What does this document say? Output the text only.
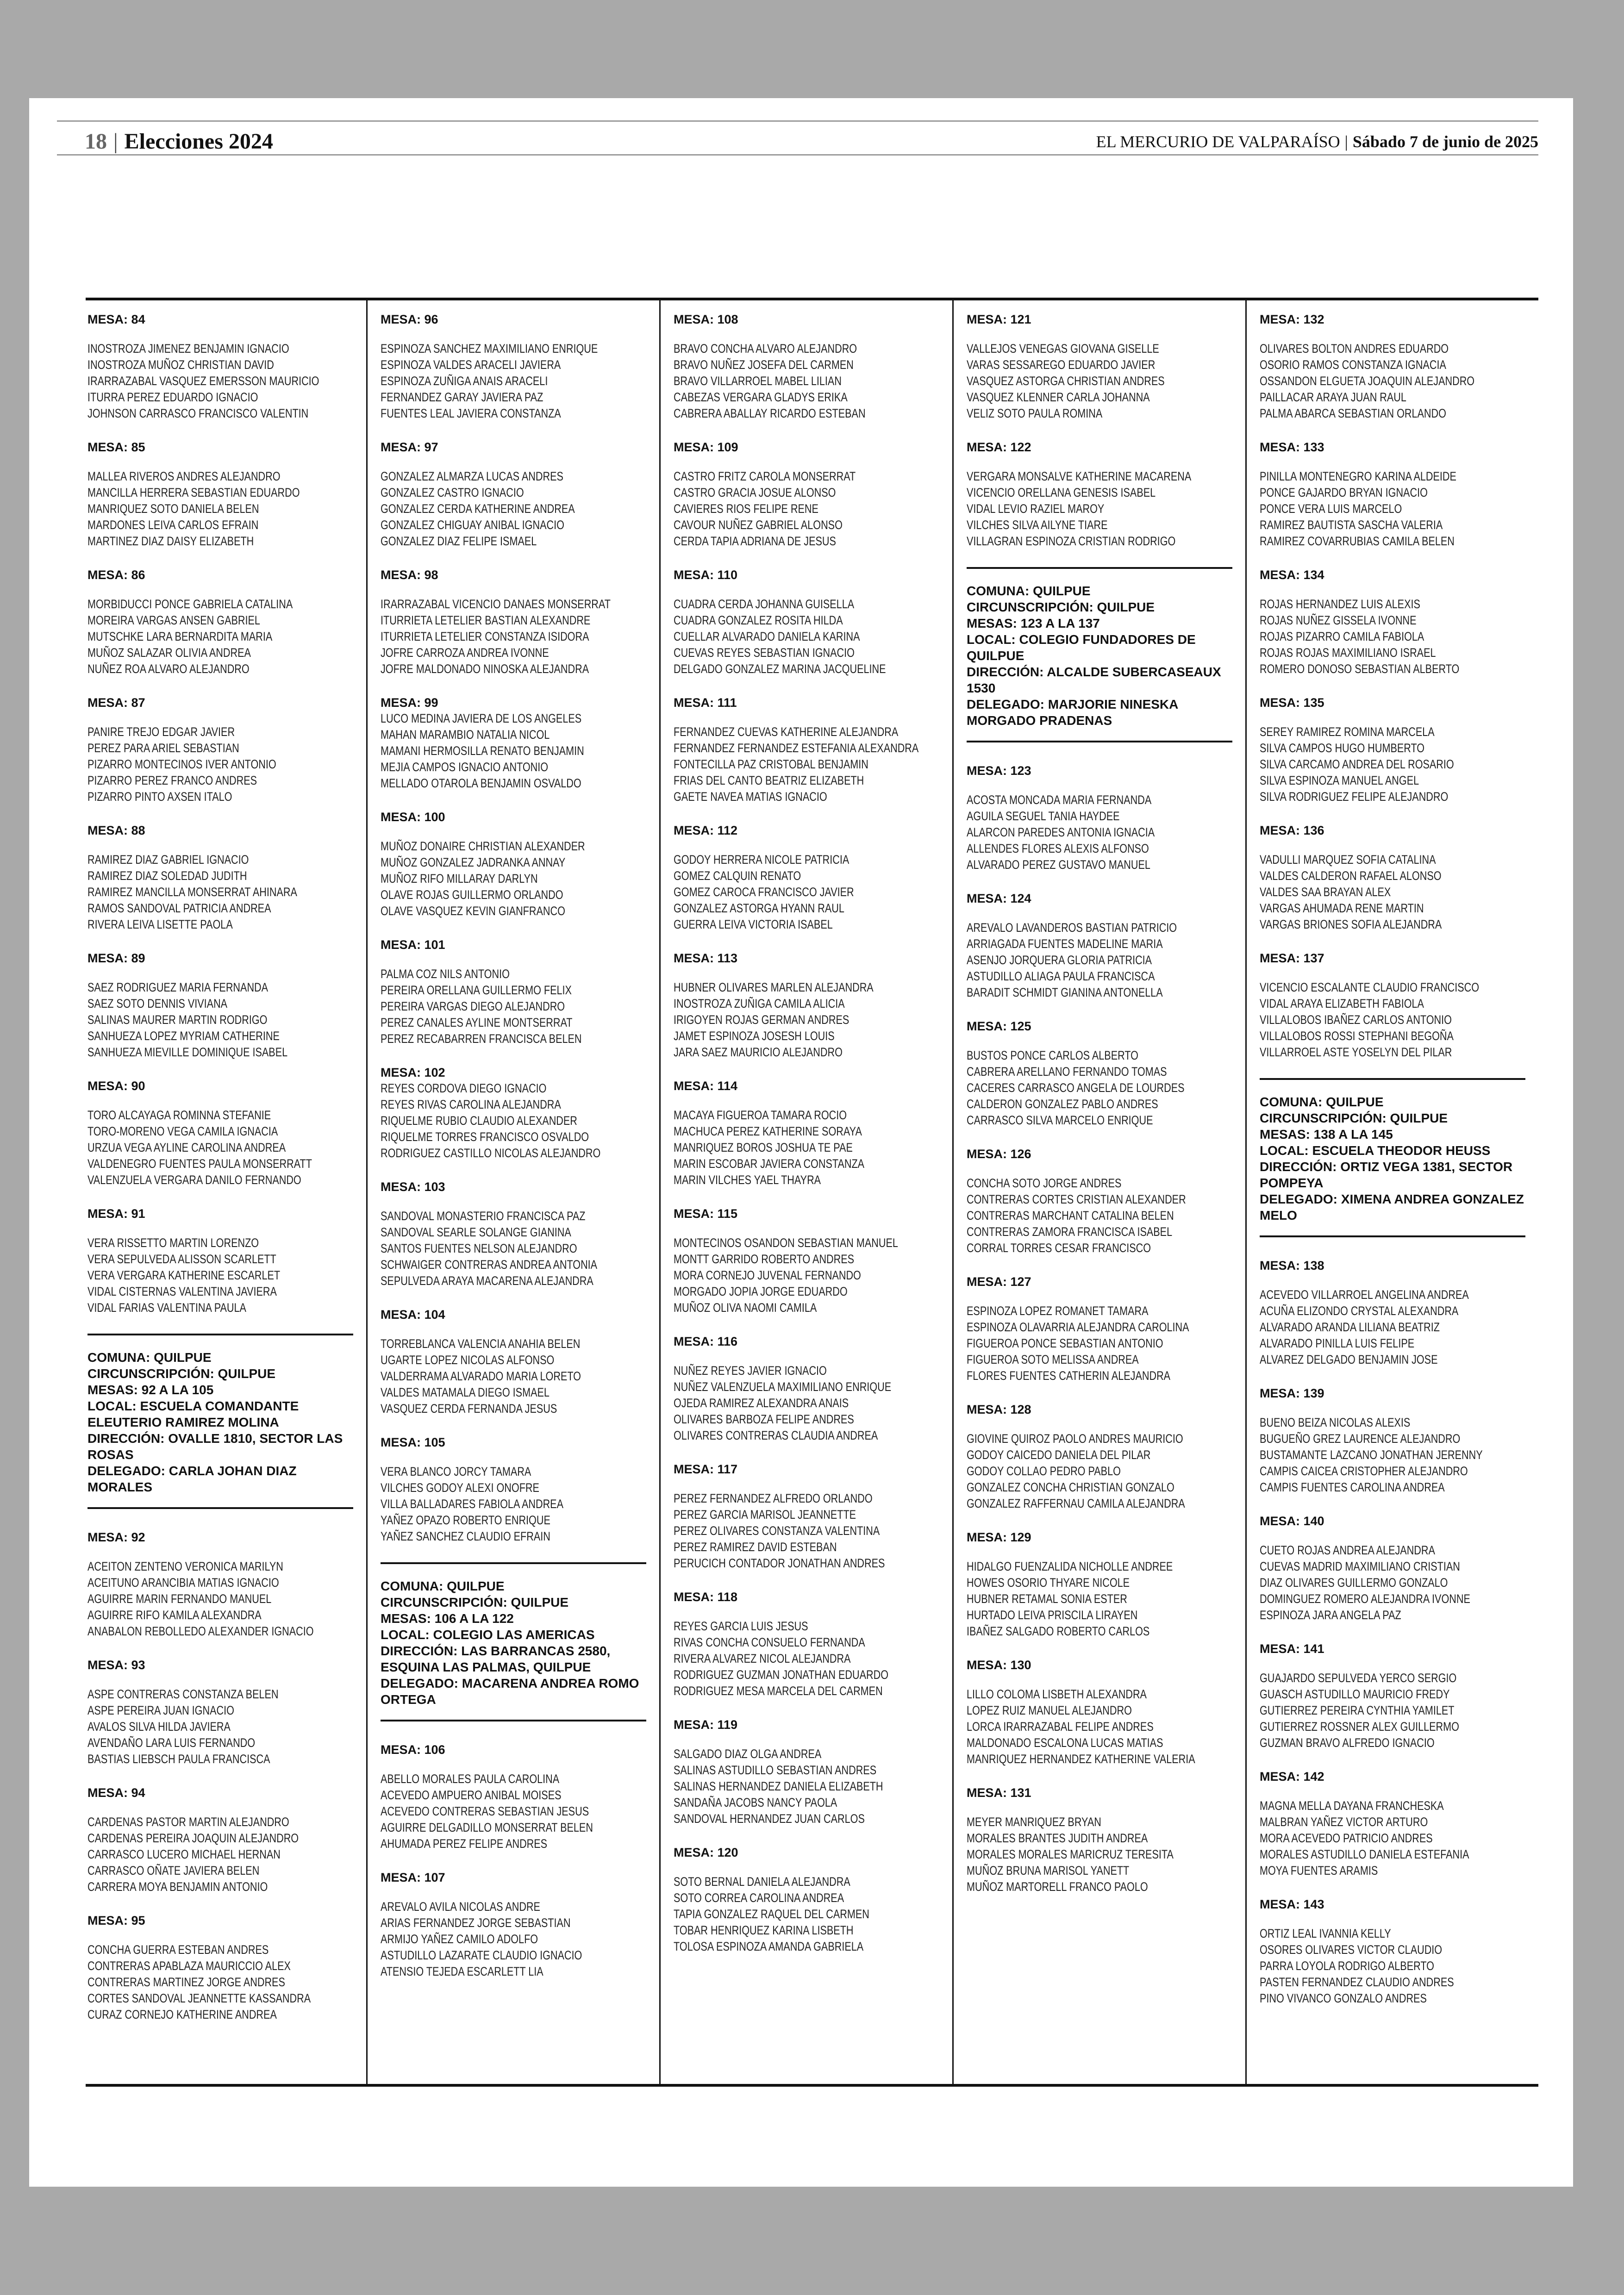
18 | Elecciones 2024	EL MERCURIO DE VALPARAÍSO | Sábado 7 de junio de 2025
MESA: 84
INOSTROZA JIMENEZ BENJAMIN IGNACIO
INOSTROZA MUÑOZ CHRISTIAN DAVID
IRARRAZABAL VASQUEZ EMERSSON MAURICIO
ITURRA PEREZ EDUARDO IGNACIO
JOHNSON CARRASCO FRANCISCO VALENTIN
MESA: 85
MALLEA RIVEROS ANDRES ALEJANDRO
MANCILLA HERRERA SEBASTIAN EDUARDO
MANRIQUEZ SOTO DANIELA BELEN
MARDONES LEIVA CARLOS EFRAIN
MARTINEZ DIAZ DAISY ELIZABETH
MESA: 86
MORBIDUCCI PONCE GABRIELA CATALINA
MOREIRA VARGAS ANSEN GABRIEL
MUTSCHKE LARA BERNARDITA MARIA
MUÑOZ SALAZAR OLIVIA ANDREA
NUÑEZ ROA ALVARO ALEJANDRO
MESA: 87
PANIRE TREJO EDGAR JAVIER
PEREZ PARA ARIEL SEBASTIAN
PIZARRO MONTECINOS IVER ANTONIO
PIZARRO PEREZ FRANCO ANDRES
PIZARRO PINTO AXSEN ITALO
MESA: 88
RAMIREZ DIAZ GABRIEL IGNACIO
RAMIREZ DIAZ SOLEDAD JUDITH
RAMIREZ MANCILLA MONSERRAT AHINARA
RAMOS SANDOVAL PATRICIA ANDREA
RIVERA LEIVA LISETTE PAOLA
MESA: 89
SAEZ RODRIGUEZ MARIA FERNANDA
SAEZ SOTO DENNIS VIVIANA
SALINAS MAURER MARTIN RODRIGO
SANHUEZA LOPEZ MYRIAM CATHERINE
SANHUEZA MIEVILLE DOMINIQUE ISABEL
MESA: 90
TORO ALCAYAGA ROMINNA STEFANIE
TORO-MORENO VEGA CAMILA IGNACIA
URZUA VEGA AYLINE CAROLINA ANDREA
VALDENEGRO FUENTES PAULA MONSERRATT
VALENZUELA VERGARA DANILO FERNANDO
MESA: 91
VERA RISSETTO MARTIN LORENZO
VERA SEPULVEDA ALISSON SCARLETT
VERA VERGARA KATHERINE ESCARLET
VIDAL CISTERNAS VALENTINA JAVIERA
VIDAL FARIAS VALENTINA PAULA
COMUNA: QUILPUE
CIRCUNSCRIPCIÓN: QUILPUE
MESAS: 92 A LA 105
LOCAL: ESCUELA COMANDANTE ELEUTERIO RAMIREZ MOLINA
DIRECCIÓN: OVALLE 1810, SECTOR LAS ROSAS
DELEGADO: CARLA JOHAN DIAZ MORALES
MESA: 92
ACEITON ZENTENO VERONICA MARILYN
ACEITUNO ARANCIBIA MATIAS IGNACIO
AGUIRRE MARIN FERNANDO MANUEL
AGUIRRE RIFO KAMILA ALEXANDRA
ANABALON REBOLLEDO ALEXANDER IGNACIO
MESA: 93
ASPE CONTRERAS CONSTANZA BELEN
ASPE PEREIRA JUAN IGNACIO
AVALOS SILVA HILDA JAVIERA
AVENDAÑO LARA LUIS FERNANDO
BASTIAS LIEBSCH PAULA FRANCISCA
MESA: 94
CARDENAS PASTOR MARTIN ALEJANDRO
CARDENAS PEREIRA JOAQUIN ALEJANDRO
CARRASCO LUCERO MICHAEL HERNAN
CARRASCO OÑATE JAVIERA BELEN
CARRERA MOYA BENJAMIN ANTONIO
MESA: 95
CONCHA GUERRA ESTEBAN ANDRES
CONTRERAS APABLAZA MAURICCIO ALEX
CONTRERAS MARTINEZ JORGE ANDRES
CORTES SANDOVAL JEANNETTE KASSANDRA
CURAZ CORNEJO KATHERINE ANDREA
MESA: 96
ESPINOZA SANCHEZ MAXIMILIANO ENRIQUE
ESPINOZA VALDES ARACELI JAVIERA
ESPINOZA ZUÑIGA ANAIS ARACELI
FERNANDEZ GARAY JAVIERA PAZ
FUENTES LEAL JAVIERA CONSTANZA
MESA: 97
GONZALEZ ALMARZA LUCAS ANDRES
GONZALEZ CASTRO IGNACIO
GONZALEZ CERDA KATHERINE ANDREA
GONZALEZ CHIGUAY ANIBAL IGNACIO
GONZALEZ DIAZ FELIPE ISMAEL
MESA: 98
IRARRAZABAL VICENCIO DANAES MONSERRAT
ITURRIETA LETELIER BASTIAN ALEXANDRE
ITURRIETA LETELIER CONSTANZA ISIDORA
JOFRE CARROZA ANDREA IVONNE
JOFRE MALDONADO NINOSKA ALEJANDRA
MESA: 99
LUCO MEDINA JAVIERA DE LOS ANGELES
MAHAN MARAMBIO NATALIA NICOL
MAMANI HERMOSILLA RENATO BENJAMIN
MEJIA CAMPOS IGNACIO ANTONIO
MELLADO OTAROLA BENJAMIN OSVALDO
MESA: 100
MUÑOZ DONAIRE CHRISTIAN ALEXANDER
MUÑOZ GONZALEZ JADRANKA ANNAY
MUÑOZ RIFO MILLARAY DARLYN
OLAVE ROJAS GUILLERMO ORLANDO
OLAVE VASQUEZ KEVIN GIANFRANCO
MESA: 101
PALMA COZ NILS ANTONIO
PEREIRA ORELLANA GUILLERMO FELIX
PEREIRA VARGAS DIEGO ALEJANDRO
PEREZ CANALES AYLINE MONTSERRAT
PEREZ RECABARREN FRANCISCA BELEN
MESA: 102
REYES CORDOVA DIEGO IGNACIO
REYES RIVAS CAROLINA ALEJANDRA
RIQUELME RUBIO CLAUDIO ALEXANDER
RIQUELME TORRES FRANCISCO OSVALDO
RODRIGUEZ CASTILLO NICOLAS ALEJANDRO
MESA: 103
SANDOVAL MONASTERIO FRANCISCA PAZ
SANDOVAL SEARLE SOLANGE GIANINA
SANTOS FUENTES NELSON ALEJANDRO
SCHWAIGER CONTRERAS ANDREA ANTONIA
SEPULVEDA ARAYA MACARENA ALEJANDRA
MESA: 104
TORREBLANCA VALENCIA ANAHIA BELEN
UGARTE LOPEZ NICOLAS ALFONSO
VALDERRAMA ALVARADO MARIA LORETO
VALDES MATAMALA DIEGO ISMAEL
VASQUEZ CERDA FERNANDA JESUS
MESA: 105
VERA BLANCO JORCY TAMARA
VILCHES GODOY ALEXI ONOFRE
VILLA BALLADARES FABIOLA ANDREA
YAÑEZ OPAZO ROBERTO ENRIQUE
YAÑEZ SANCHEZ CLAUDIO EFRAIN
COMUNA: QUILPUE
CIRCUNSCRIPCIÓN: QUILPUE
MESAS: 106 A LA 122
LOCAL: COLEGIO LAS AMERICAS
DIRECCIÓN: LAS BARRANCAS 2580, ESQUINA LAS PALMAS, QUILPUE
DELEGADO: MACARENA ANDREA ROMO ORTEGA
MESA: 106
ABELLO MORALES PAULA CAROLINA
ACEVEDO AMPUERO ANIBAL MOISES
ACEVEDO CONTRERAS SEBASTIAN JESUS
AGUIRRE DELGADILLO MONSERRAT BELEN
AHUMADA PEREZ FELIPE ANDRES
MESA: 107
AREVALO AVILA NICOLAS ANDRE
ARIAS FERNANDEZ JORGE SEBASTIAN
ARMIJO YAÑEZ CAMILO ADOLFO
ASTUDILLO LAZARATE CLAUDIO IGNACIO
ATENSIO TEJEDA ESCARLETT LIA
MESA: 108
BRAVO CONCHA ALVARO ALEJANDRO
BRAVO NUÑEZ JOSEFA DEL CARMEN
BRAVO VILLARROEL MABEL LILIAN
CABEZAS VERGARA GLADYS ERIKA
CABRERA ABALLAY RICARDO ESTEBAN
MESA: 109
CASTRO FRITZ CAROLA MONSERRAT
CASTRO GRACIA JOSUE ALONSO
CAVIERES RIOS FELIPE RENE
CAVOUR NUÑEZ GABRIEL ALONSO
CERDA TAPIA ADRIANA DE JESUS
MESA: 110
CUADRA CERDA JOHANNA GUISELLA
CUADRA GONZALEZ ROSITA HILDA
CUELLAR ALVARADO DANIELA KARINA
CUEVAS REYES SEBASTIAN IGNACIO
DELGADO GONZALEZ MARINA JACQUELINE
MESA: 111
FERNANDEZ CUEVAS KATHERINE ALEJANDRA
FERNANDEZ FERNANDEZ ESTEFANIA ALEXANDRA
FONTECILLA PAZ CRISTOBAL BENJAMIN
FRIAS DEL CANTO BEATRIZ ELIZABETH
GAETE NAVEA MATIAS IGNACIO
MESA: 112
GODOY HERRERA NICOLE PATRICIA
GOMEZ CALQUIN RENATO
GOMEZ CAROCA FRANCISCO JAVIER
GONZALEZ ASTORGA HYANN RAUL
GUERRA LEIVA VICTORIA ISABEL
MESA: 113
HUBNER OLIVARES MARLEN ALEJANDRA
INOSTROZA ZUÑIGA CAMILA ALICIA
IRIGOYEN ROJAS GERMAN ANDRES
JAMET ESPINOZA JOSESH LOUIS
JARA SAEZ MAURICIO ALEJANDRO
MESA: 114
MACAYA FIGUEROA TAMARA ROCIO
MACHUCA PEREZ KATHERINE SORAYA
MANRIQUEZ BOROS JOSHUA TE PAE
MARIN ESCOBAR JAVIERA CONSTANZA
MARIN VILCHES YAEL THAYRA
MESA: 115
MONTECINOS OSANDON SEBASTIAN MANUEL
MONTT GARRIDO ROBERTO ANDRES
MORA CORNEJO JUVENAL FERNANDO
MORGADO JOPIA JORGE EDUARDO
MUÑOZ OLIVA NAOMI CAMILA
MESA: 116
NUÑEZ REYES JAVIER IGNACIO
NUÑEZ VALENZUELA MAXIMILIANO ENRIQUE
OJEDA RAMIREZ ALEXANDRA ANAIS
OLIVARES BARBOZA FELIPE ANDRES
OLIVARES CONTRERAS CLAUDIA ANDREA
MESA: 117
PEREZ FERNANDEZ ALFREDO ORLANDO
PEREZ GARCIA MARISOL JEANNETTE
PEREZ OLIVARES CONSTANZA VALENTINA
PEREZ RAMIREZ DAVID ESTEBAN
PERUCICH CONTADOR JONATHAN ANDRES
MESA: 118
REYES GARCIA LUIS JESUS
RIVAS CONCHA CONSUELO FERNANDA
RIVERA ALVAREZ NICOL ALEJANDRA
RODRIGUEZ GUZMAN JONATHAN EDUARDO
RODRIGUEZ MESA MARCELA DEL CARMEN
MESA: 119
SALGADO DIAZ OLGA ANDREA
SALINAS ASTUDILLO SEBASTIAN ANDRES
SALINAS HERNANDEZ DANIELA ELIZABETH
SANDAÑA JACOBS NANCY PAOLA
SANDOVAL HERNANDEZ JUAN CARLOS
MESA: 120
SOTO BERNAL DANIELA ALEJANDRA
SOTO CORREA CAROLINA ANDREA
TAPIA GONZALEZ RAQUEL DEL CARMEN
TOBAR HENRIQUEZ KARINA LISBETH
TOLOSA ESPINOZA AMANDA GABRIELA
MESA: 121
VALLEJOS VENEGAS GIOVANA GISELLE
VARAS SESSAREGO EDUARDO JAVIER
VASQUEZ ASTORGA CHRISTIAN ANDRES
VASQUEZ KLENNER CARLA JOHANNA
VELIZ SOTO PAULA ROMINA
MESA: 122
VERGARA MONSALVE KATHERINE MACARENA
VICENCIO ORELLANA GENESIS ISABEL
VIDAL LEVIO RAZIEL MAROY
VILCHES SILVA AILYNE TIARE
VILLAGRAN ESPINOZA CRISTIAN RODRIGO
COMUNA: QUILPUE
CIRCUNSCRIPCIÓN: QUILPUE
MESAS: 123 A LA 137
LOCAL: COLEGIO FUNDADORES DE QUILPUE
DIRECCIÓN: ALCALDE SUBERCASEAUX 1530
DELEGADO: MARJORIE NINESKA MORGADO PRADENAS
MESA: 123
ACOSTA MONCADA MARIA FERNANDA
AGUILA SEGUEL TANIA HAYDEE
ALARCON PAREDES ANTONIA IGNACIA
ALLENDES FLORES ALEXIS ALFONSO
ALVARADO PEREZ GUSTAVO MANUEL
MESA: 124
AREVALO LAVANDEROS BASTIAN PATRICIO
ARRIAGADA FUENTES MADELINE MARIA
ASENJO JORQUERA GLORIA PATRICIA
ASTUDILLO ALIAGA PAULA FRANCISCA
BARADIT SCHMIDT GIANINA ANTONELLA
MESA: 125
BUSTOS PONCE CARLOS ALBERTO
CABRERA ARELLANO FERNANDO TOMAS
CACERES CARRASCO ANGELA DE LOURDES
CALDERON GONZALEZ PABLO ANDRES
CARRASCO SILVA MARCELO ENRIQUE
MESA: 126
CONCHA SOTO JORGE ANDRES
CONTRERAS CORTES CRISTIAN ALEXANDER
CONTRERAS MARCHANT CATALINA BELEN
CONTRERAS ZAMORA FRANCISCA ISABEL
CORRAL TORRES CESAR FRANCISCO
MESA: 127
ESPINOZA LOPEZ ROMANET TAMARA
ESPINOZA OLAVARRIA ALEJANDRA CAROLINA
FIGUEROA PONCE SEBASTIAN ANTONIO
FIGUEROA SOTO MELISSA ANDREA
FLORES FUENTES CATHERIN ALEJANDRA
MESA: 128
GIOVINE QUIROZ PAOLO ANDRES MAURICIO
GODOY CAICEDO DANIELA DEL PILAR
GODOY COLLAO PEDRO PABLO
GONZALEZ CONCHA CHRISTIAN GONZALO
GONZALEZ RAFFERNAU CAMILA ALEJANDRA
MESA: 129
HIDALGO FUENZALIDA NICHOLLE ANDREE
HOWES OSORIO THYARE NICOLE
HUBNER RETAMAL SONIA ESTER
HURTADO LEIVA PRISCILA LIRAYEN
IBAÑEZ SALGADO ROBERTO CARLOS
MESA: 130
LILLO COLOMA LISBETH ALEXANDRA
LOPEZ RUIZ MANUEL ALEJANDRO
LORCA IRARRAZABAL FELIPE ANDRES
MALDONADO ESCALONA LUCAS MATIAS
MANRIQUEZ HERNANDEZ KATHERINE VALERIA
MESA: 131
MEYER MANRIQUEZ BRYAN
MORALES BRANTES JUDITH ANDREA
MORALES MORALES MARICRUZ TERESITA
MUÑOZ BRUNA MARISOL YANETT
MUÑOZ MARTORELL FRANCO PAOLO
MESA: 132
OLIVARES BOLTON ANDRES EDUARDO
OSORIO RAMOS CONSTANZA IGNACIA
OSSANDON ELGUETA JOAQUIN ALEJANDRO
PAILLACAR ARAYA JUAN RAUL
PALMA ABARCA SEBASTIAN ORLANDO
MESA: 133
PINILLA MONTENEGRO KARINA ALDEIDE
PONCE GAJARDO BRYAN IGNACIO
PONCE VERA LUIS MARCELO
RAMIREZ BAUTISTA SASCHA VALERIA
RAMIREZ COVARRUBIAS CAMILA BELEN
MESA: 134
ROJAS HERNANDEZ LUIS ALEXIS
ROJAS NUÑEZ GISSELA IVONNE
ROJAS PIZARRO CAMILA FABIOLA
ROJAS ROJAS MAXIMILIANO ISRAEL
ROMERO DONOSO SEBASTIAN ALBERTO
MESA: 135
SEREY RAMIREZ ROMINA MARCELA
SILVA CAMPOS HUGO HUMBERTO
SILVA CARCAMO ANDREA DEL ROSARIO
SILVA ESPINOZA MANUEL ANGEL
SILVA RODRIGUEZ FELIPE ALEJANDRO
MESA: 136
VADULLI MARQUEZ SOFIA CATALINA
VALDES CALDERON RAFAEL ALONSO
VALDES SAA BRAYAN ALEX
VARGAS AHUMADA RENE MARTIN
VARGAS BRIONES SOFIA ALEJANDRA
MESA: 137
VICENCIO ESCALANTE CLAUDIO FRANCISCO
VIDAL ARAYA ELIZABETH FABIOLA
VILLALOBOS IBAÑEZ CARLOS ANTONIO
VILLALOBOS ROSSI STEPHANI BEGOÑA
VILLARROEL ASTE YOSELYN DEL PILAR
COMUNA: QUILPUE
CIRCUNSCRIPCIÓN: QUILPUE
MESAS: 138 A LA 145
LOCAL: ESCUELA THEODOR HEUSS
DIRECCIÓN: ORTIZ VEGA 1381, SECTOR POMPEYA
DELEGADO: XIMENA ANDREA GONZALEZ MELO
MESA: 138
ACEVEDO VILLARROEL ANGELINA ANDREA
ACUÑA ELIZONDO CRYSTAL ALEXANDRA
ALVARADO ARANDA LILIANA BEATRIZ
ALVARADO PINILLA LUIS FELIPE
ALVAREZ DELGADO BENJAMIN JOSE
MESA: 139
BUENO BEIZA NICOLAS ALEXIS
BUGUEÑO GREZ LAURENCE ALEJANDRO
BUSTAMANTE LAZCANO JONATHAN JERENNY
CAMPIS CAICEA CRISTOPHER ALEJANDRO
CAMPIS FUENTES CAROLINA ANDREA
MESA: 140
CUETO ROJAS ANDREA ALEJANDRA
CUEVAS MADRID MAXIMILIANO CRISTIAN
DIAZ OLIVARES GUILLERMO GONZALO
DOMINGUEZ ROMERO ALEJANDRA IVONNE
ESPINOZA JARA ANGELA PAZ
MESA: 141
GUAJARDO SEPULVEDA YERCO SERGIO
GUASCH ASTUDILLO MAURICIO FREDY
GUTIERREZ PEREIRA CYNTHIA YAMILET
GUTIERREZ ROSSNER ALEX GUILLERMO
GUZMAN BRAVO ALFREDO IGNACIO
MESA: 142
MAGNA MELLA DAYANA FRANCHESKA
MALBRAN YAÑEZ VICTOR ARTURO
MORA ACEVEDO PATRICIO ANDRES
MORALES ASTUDILLO DANIELA ESTEFANIA
MOYA FUENTES ARAMIS
MESA: 143
ORTIZ LEAL IVANNIA KELLY
OSORES OLIVARES VICTOR CLAUDIO
PARRA LOYOLA RODRIGO ALBERTO
PASTEN FERNANDEZ CLAUDIO ANDRES
PINO VIVANCO GONZALO ANDRES
